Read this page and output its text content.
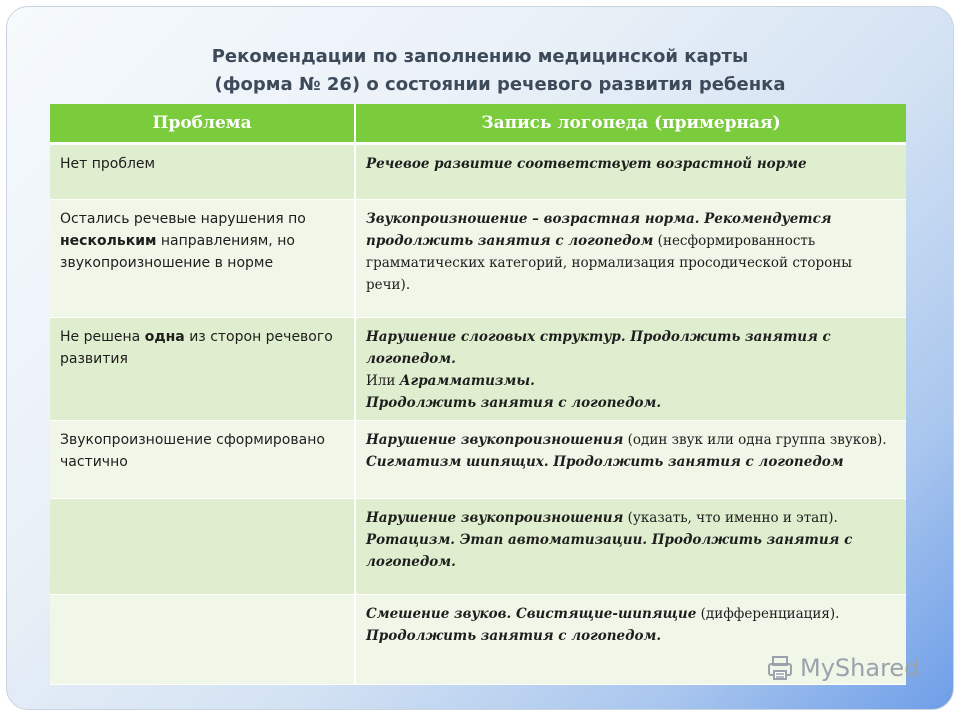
Рекомендации по заполнению медицинской карты
(форма № 26) о состоянии речевого развития ребенка
Проблема	Запись логопеда (примерная)
Нет проблем	Речевое развитие соответствует возрастной норме
Остались речевые нарушения по нескольким направлениям, но звукопроизношение в норме	Звукопроизношение – возрастная норма. Рекомендуется продолжить занятия с логопедом (несформированность грамматических категорий, нормализация просодической стороны речи).
Не решена одна из сторон речевого развития	Нарушение слоговых структур. Продолжить занятия с логопедом.
Или Аграмматизмы.
Продолжить занятия с логопедом.
Звукопроизношение сформировано частично	Нарушение звукопроизношения (один звук или одна группа звуков).
Сигматизм шипящих. Продолжить занятия с логопедом
	Нарушение звукопроизношения (указать, что именно и этап).
Ротацизм. Этап автоматизации. Продолжить занятия с логопедом.
	Смешение звуков. Свистящие-шипящие (дифференциация).
Продолжить занятия с логопедом.
MyShared
